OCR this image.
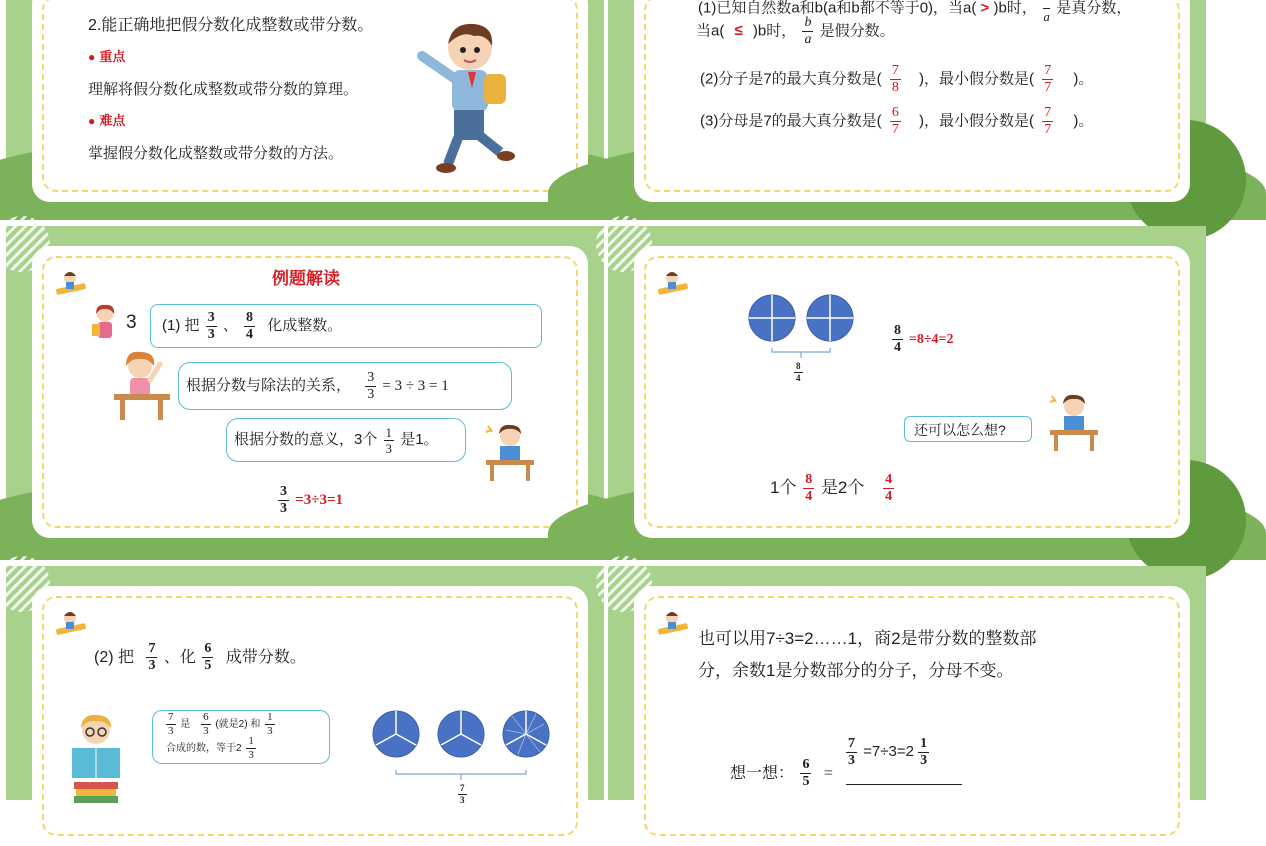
2.能正确地把假分数化成整数或带分数。
● 重点
理解将假分数化成整数或带分数的算理。
● 难点
掌握假分数化成整数或带分数的方法。
(1)已知自然数a和b(a和b都不等于0)，当a( > )b时，

a
是真分数，
当a( ≤ )b时， $\frac{b}{a}$ 是假分数。
(2)分子是7的最大真分数是( $\frac{7}{8}$ )，最小假分数是( $\frac{7}{7}$ )。
(3)分母是7的最大真分数是( $\frac{6}{7}$ )，最小假分数是( $\frac{7}{7}$ )。
例题解读
3 (1) 把 $\frac{3}{3}$ 、 $\frac{8}{4}$ 化成整数。
根据分数与除法的关系， $\frac{3}{3} = 3 \div 3 = 1$
根据分数的意义，3个 $\frac{1}{3}$ 是1。
$\frac{3}{3} =3\div 3=1$
$\frac{8}{4}$
$\frac{8}{4} =8\div 4=2$
还可以怎么想?
1个 $\frac{8}{4}$ 是2个 $\frac{4}{4}$
(2) 把 $\frac{7}{3}$ 、化 $\frac{6}{5}$ 成带分数。
$\frac{7}{3}$ 是 $\frac{6}{3}$ (就是2) 和 $\frac{1}{3}$
合成的数，等于$2 \frac{1}{3}$
$\frac{7}{3}$
也可以用7÷3=2……1，商2是带分数的整数部
分，余数1是分数部分的分子，分母不变。
想一想： $\frac{6}{5}$ =
$\frac{7}{3} =7\div 3=2 \frac{1}{3}$
